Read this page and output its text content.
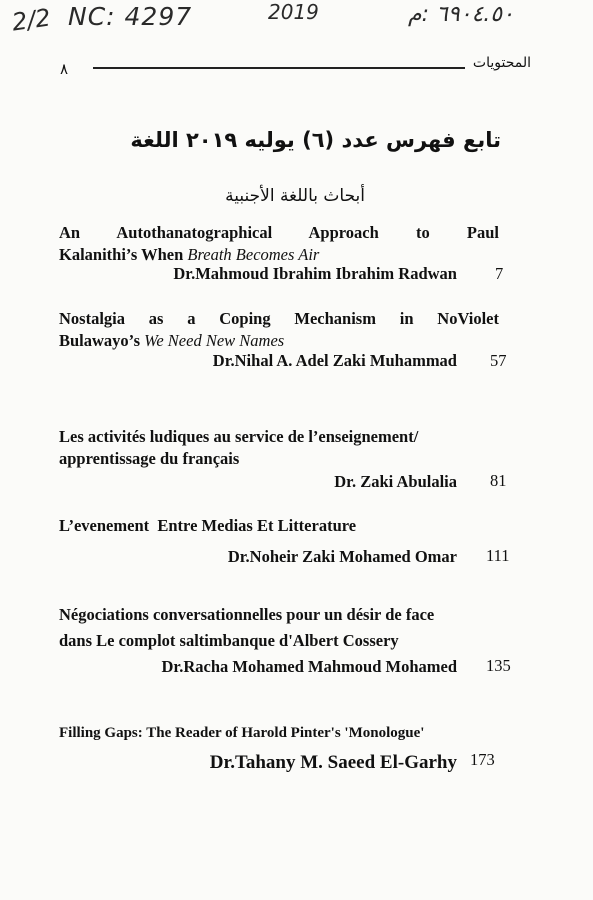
2/2 NC: 4297	2019	٦٩٠٤.٥٠ :م
٨	المحتويات
تابع فهرس عدد (٦) يوليه ٢٠١٩ اللغة
أبحاث باللغة الأجنبية
An Autothanatographical Approach to Paul
Kalanithi’s When Breath Becomes Air
Dr.Mahmoud Ibrahim Ibrahim Radwan 7
Nostalgia as a Coping Mechanism in NoViolet
Bulawayo’s We Need New Names
Dr.Nihal A. Adel Zaki Muhammad 57
Les activités ludiques au service de l’enseignement/
apprentissage du français
Dr. Zaki Abulalia 81
L’evenement  Entre Medias Et Litterature
Dr.Noheir Zaki Mohamed Omar 111
Négociations conversationnelles pour un désir de face
dans Le complot saltimbanque d'Albert Cossery
Dr.Racha Mohamed Mahmoud Mohamed 135
Filling Gaps: The Reader of Harold Pinter's 'Monologue'
Dr.Tahany M. Saeed El-Garhy 173
